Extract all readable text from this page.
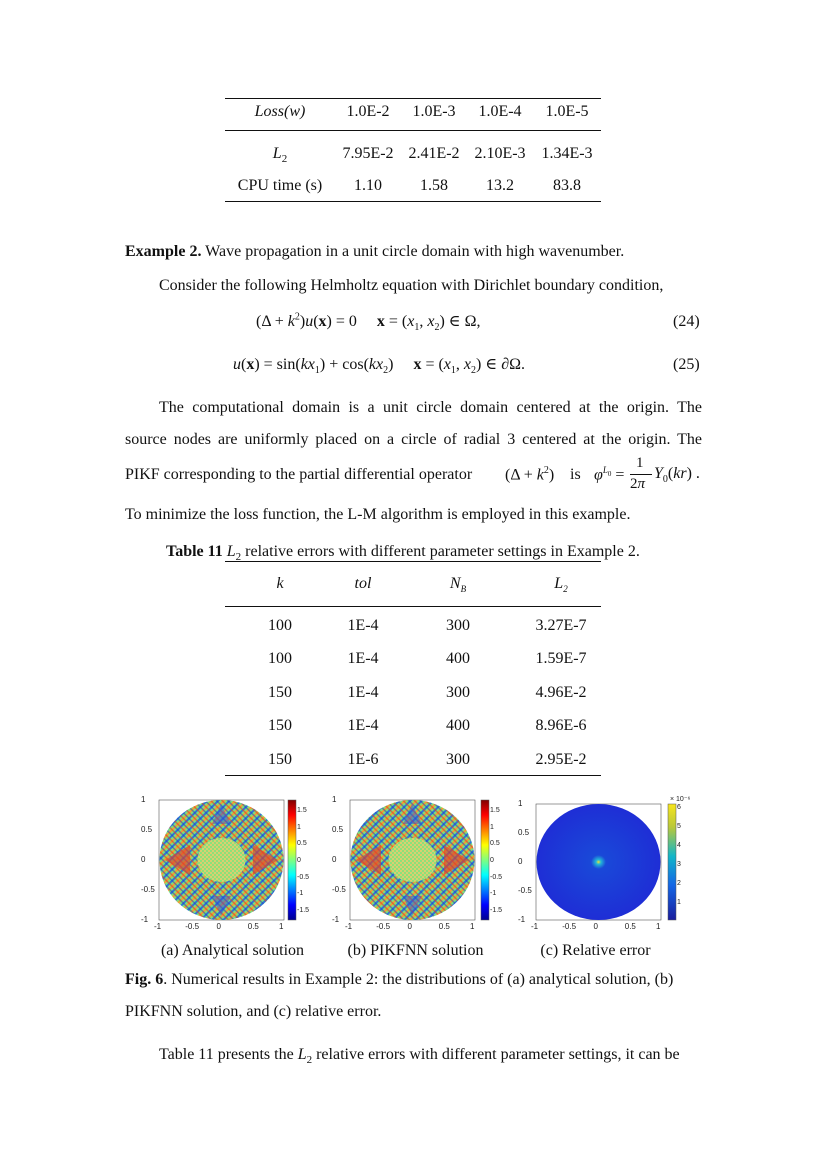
Loss(w)	1.0E-2	1.0E-3	1.0E-4	1.0E-5
$L_2$	7.95E-2 2.41E-2 2.10E-3 1.34E-3
CPU time (s)	1.10	1.58	13.2	83.8
Example 2. Wave propagation in a unit circle domain with high wavenumber.
Consider the following Helmholtz equation with Dirichlet boundary condition,
$(\Delta + k^2)u(x) = 0$     $x = (x_1$, $x_2$) ∈ Ω,	(24)
$u(x) = \sin(kx_1) + \cos(kx_2)$     $x = (x_1$, $x_2$) ∈ ∂Ω.	(25)
The computational domain is a unit circle domain centered at the origin. The
source nodes are uniformly placed on a circle of radial 3 centered at the origin. The
PIKF corresponding to the partial differential operator $(\Delta + k^2)$ is $\varphi^{L_0}$ =
1
2π
$Y_0(kr)$ .
To minimize the loss function, the L-M algorithm is employed in this example.
Table 11 $L_2$ relative errors with different parameter settings in Example 2.
k	tol	$N_B$	$L_2$
100	1E-4	300	3.27E-7
100	1E-4	400	1.59E-7
150	1E-4	300	4.96E-2
150	1E-4	400	8.96E-6
150	1E-6	300	2.95E-2
1
0.5
0
-0.5
-1
-1	-0.5 0	0.5	1
1.5
1
0.5
0
-0.5
-1
-1.5
1
0.5
0
-0.5
-1
-1	-0.5 0	0.5	1
1.5
1
0.5
0
-0.5
-1
-1.5
1
0.5
0
-0.5
-1
-1	-0.5 0	0.5	1
6
5
4
3
2
1
× 10⁻⁶
(a) Analytical solution	(b) PIKFNN solution	(c) Relative error
Fig. 6. Numerical results in Example 2: the distributions of (a) analytical solution, (b)
PIKFNN solution, and (c) relative error.
Table 11 presents the $L_2$ relative errors with different parameter settings, it can be
